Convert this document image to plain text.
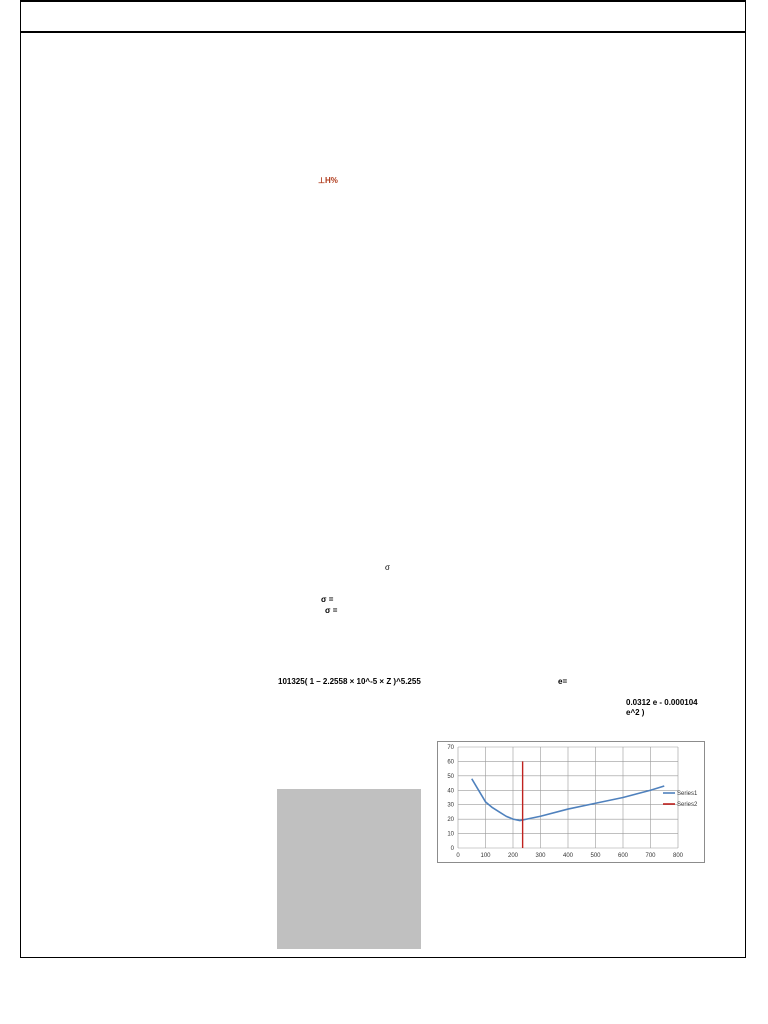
⊥H%
σ
σ =
σ =
101325( 1 – 2.2558 × 10^-5 × Z )^5.255	e=
0.0312 e - 0.000104
e^2 )
0	100	200	300	400	500	600	700	800
0
10
20
30
40
50
60
70
Series1
Series2
